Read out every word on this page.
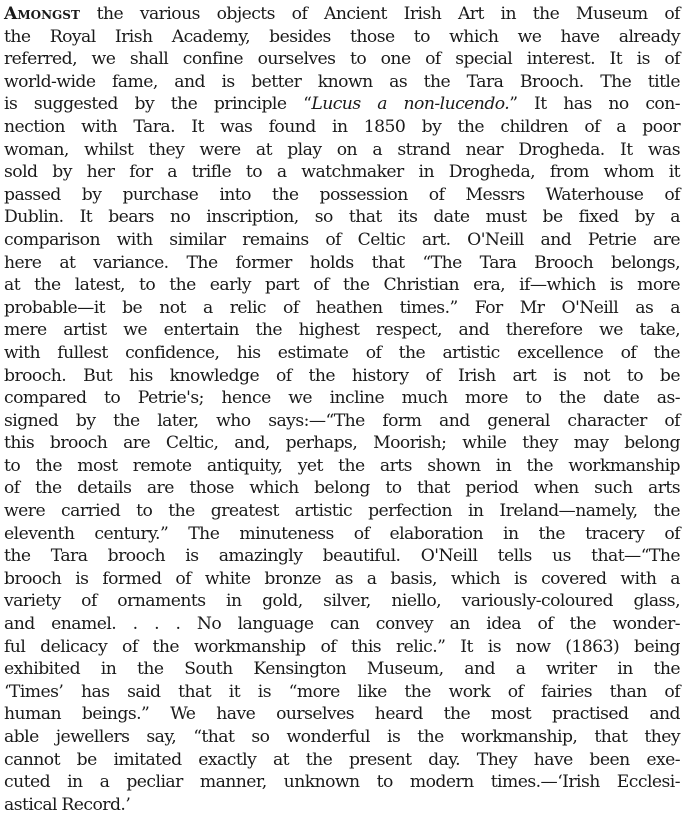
Amongst the various objects of Ancient Irish Art in the Museum of
the Royal Irish Academy, besides those to which we have already
referred, we shall confine ourselves to one of special interest. It is of
world-wide fame, and is better known as the Tara Brooch. The title
is suggested by the principle “Lucus a non-lucendo.” It has no con-
nection with Tara. It was found in 1850 by the children of a poor
woman, whilst they were at play on a strand near Drogheda. It was
sold by her for a trifle to a watchmaker in Drogheda, from whom it
passed by purchase into the possession of Messrs Waterhouse of
Dublin. It bears no inscription, so that its date must be fixed by a
comparison with similar remains of Celtic art. O'Neill and Petrie are
here at variance. The former holds that “The Tara Brooch belongs,
at the latest, to the early part of the Christian era, if—which is more
probable—it be not a relic of heathen times.” For Mr O'Neill as a
mere artist we entertain the highest respect, and therefore we take,
with fullest confidence, his estimate of the artistic excellence of the
brooch. But his knowledge of the history of Irish art is not to be
compared to Petrie's; hence we incline much more to the date as-
signed by the later, who says:—“The form and general character of
this brooch are Celtic, and, perhaps, Moorish; while they may belong
to the most remote antiquity, yet the arts shown in the workmanship
of the details are those which belong to that period when such arts
were carried to the greatest artistic perfection in Ireland—namely, the
eleventh century.” The minuteness of elaboration in the tracery of
the Tara brooch is amazingly beautiful. O'Neill tells us that—“The
brooch is formed of white bronze as a basis, which is covered with a
variety of ornaments in gold, silver, niello, variously-coloured glass,
and enamel. . . . No language can convey an idea of the wonder-
ful delicacy of the workmanship of this relic.” It is now (1863) being
exhibited in the South Kensington Museum, and a writer in the
‘Times’ has said that it is “more like the work of fairies than of
human beings.” We have ourselves heard the most practised and
able jewellers say, “that so wonderful is the workmanship, that they
cannot be imitated exactly at the present day. They have been exe-
cuted in a pecliar manner, unknown to modern times.—‘Irish Ecclesi-
astical Record.’
